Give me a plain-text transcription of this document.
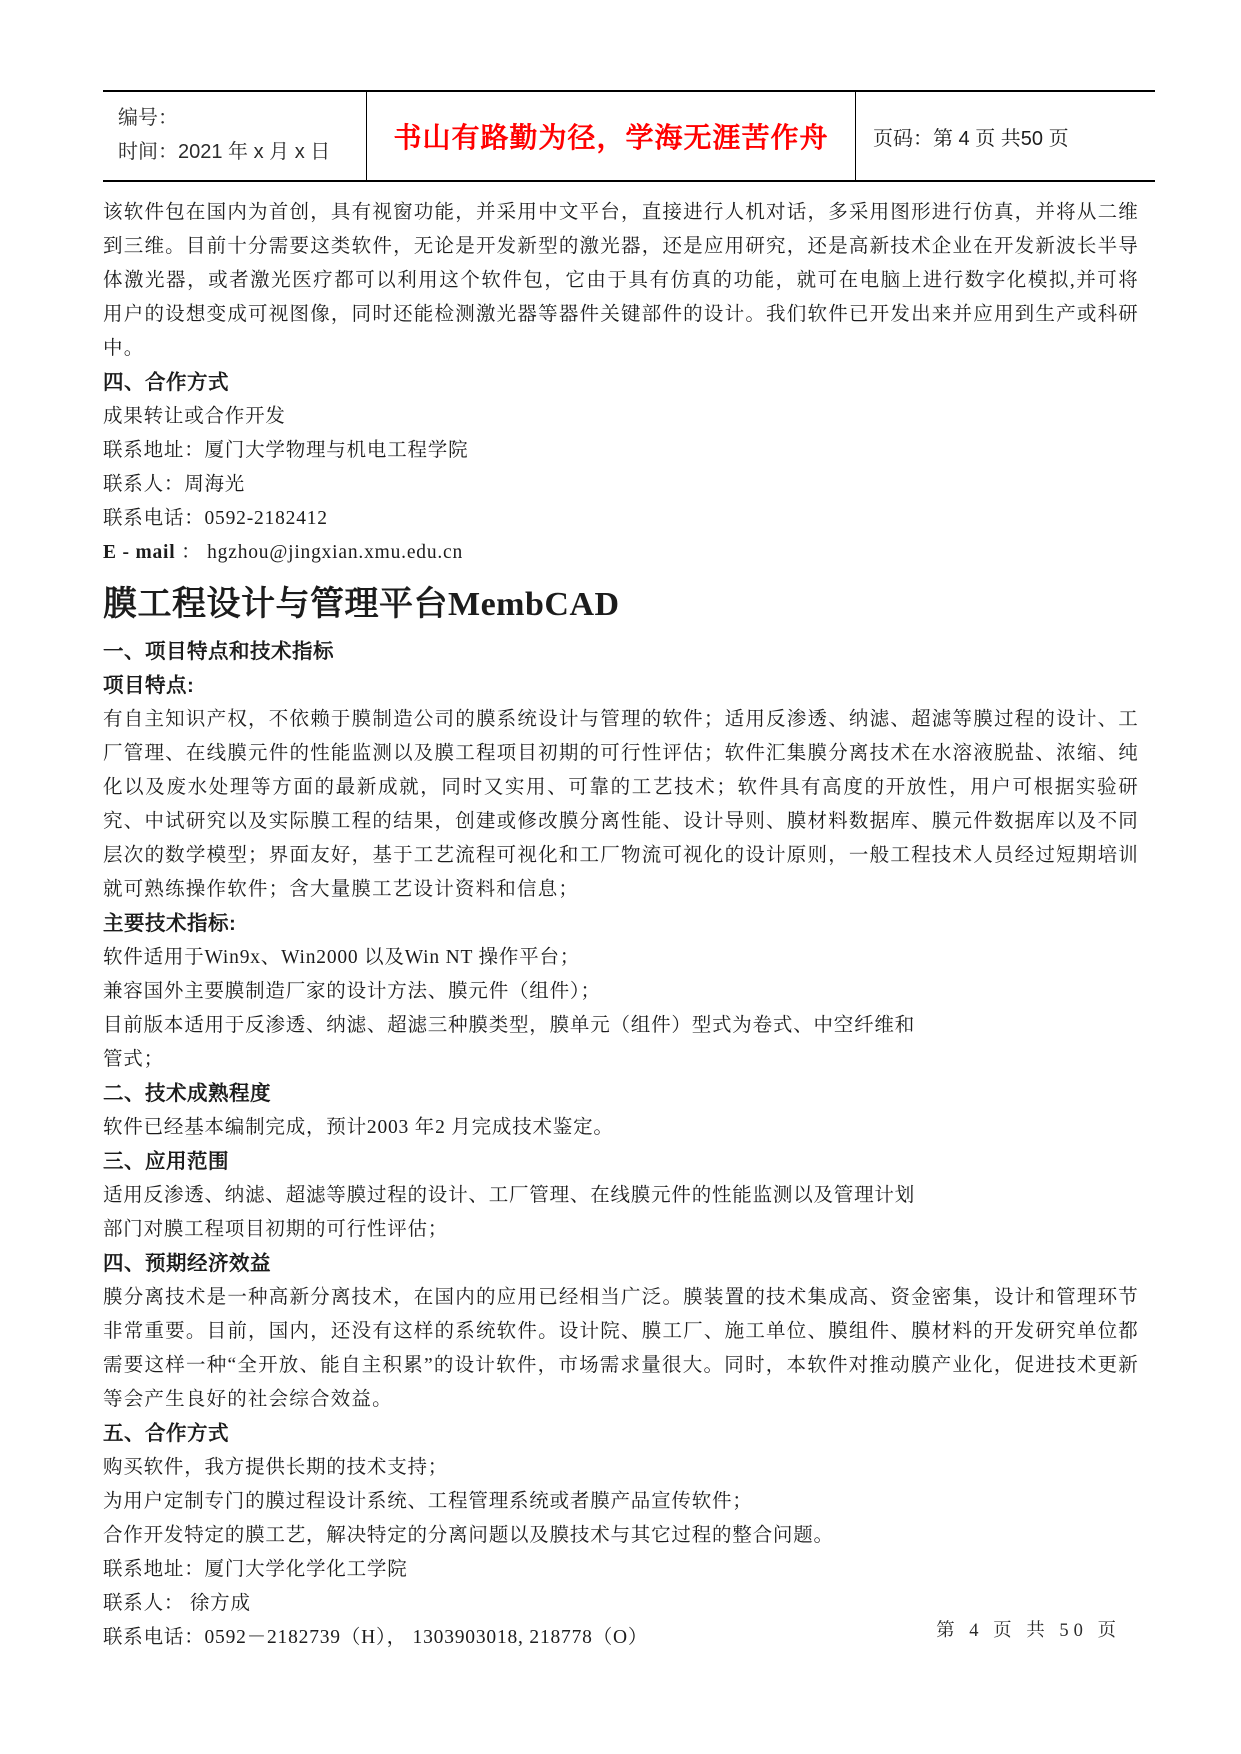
编号：
时间：2021 年 x 月 x 日	书山有路勤为径，学海无涯苦作舟 页码：第 4 页 共50 页
该软件包在国内为首创，具有视窗功能，并采用中文平台，直接进行人机对话，多采用图形进行仿真，并将从二维到三维。目前十分需要这类软件，无论是开发新型的激光器，还是应用研究，还是高新技术企业在开发新波长半导体激光器，或者激光医疗都可以利用这个软件包，它由于具有仿真的功能，就可在电脑上进行数字化模拟,并可将用户的设想变成可视图像，同时还能检测激光器等器件关键部件的设计。我们软件已开发出来并应用到生产或科研中。
四、合作方式
成果转让或合作开发
联系地址：厦门大学物理与机电工程学院
联系人：周海光
联系电话：0592-2182412
E - mail ： hgzhou@jingxian.xmu.edu.cn
膜工程设计与管理平台MembCAD
一、项目特点和技术指标
项目特点:
有自主知识产权，不依赖于膜制造公司的膜系统设计与管理的软件；适用反渗透、纳滤、超滤等膜过程的设计、工厂管理、在线膜元件的性能监测以及膜工程项目初期的可行性评估；软件汇集膜分离技术在水溶液脱盐、浓缩、纯化以及废水处理等方面的最新成就，同时又实用、可靠的工艺技术；软件具有高度的开放性，用户可根据实验研究、中试研究以及实际膜工程的结果，创建或修改膜分离性能、设计导则、膜材料数据库、膜元件数据库以及不同层次的数学模型；界面友好，基于工艺流程可视化和工厂物流可视化的设计原则，一般工程技术人员经过短期培训就可熟练操作软件；含大量膜工艺设计资料和信息；
主要技术指标:
软件适用于Win9x、Win2000 以及Win NT 操作平台；
兼容国外主要膜制造厂家的设计方法、膜元件（组件）；
目前版本适用于反渗透、纳滤、超滤三种膜类型，膜单元（组件）型式为卷式、中空纤维和
管式；
二、技术成熟程度
软件已经基本编制完成，预计2003 年2 月完成技术鉴定。
三、应用范围
适用反渗透、纳滤、超滤等膜过程的设计、工厂管理、在线膜元件的性能监测以及管理计划
部门对膜工程项目初期的可行性评估；
四、预期经济效益
膜分离技术是一种高新分离技术，在国内的应用已经相当广泛。膜装置的技术集成高、资金密集，设计和管理环节非常重要。目前，国内，还没有这样的系统软件。设计院、膜工厂、施工单位、膜组件、膜材料的开发研究单位都需要这样一种“全开放、能自主积累”的设计软件，市场需求量很大。同时，本软件对推动膜产业化，促进技术更新等会产生良好的社会综合效益。
五、合作方式
购买软件，我方提供长期的技术支持；
为用户定制专门的膜过程设计系统、工程管理系统或者膜产品宣传软件；
合作开发特定的膜工艺，解决特定的分离问题以及膜技术与其它过程的整合问题。
联系地址：厦门大学化学化工学院
联系人： 徐方成
联系电话：0592－2182739（H）， 1303903018, 218778（O）	第 4 页 共 50 页
